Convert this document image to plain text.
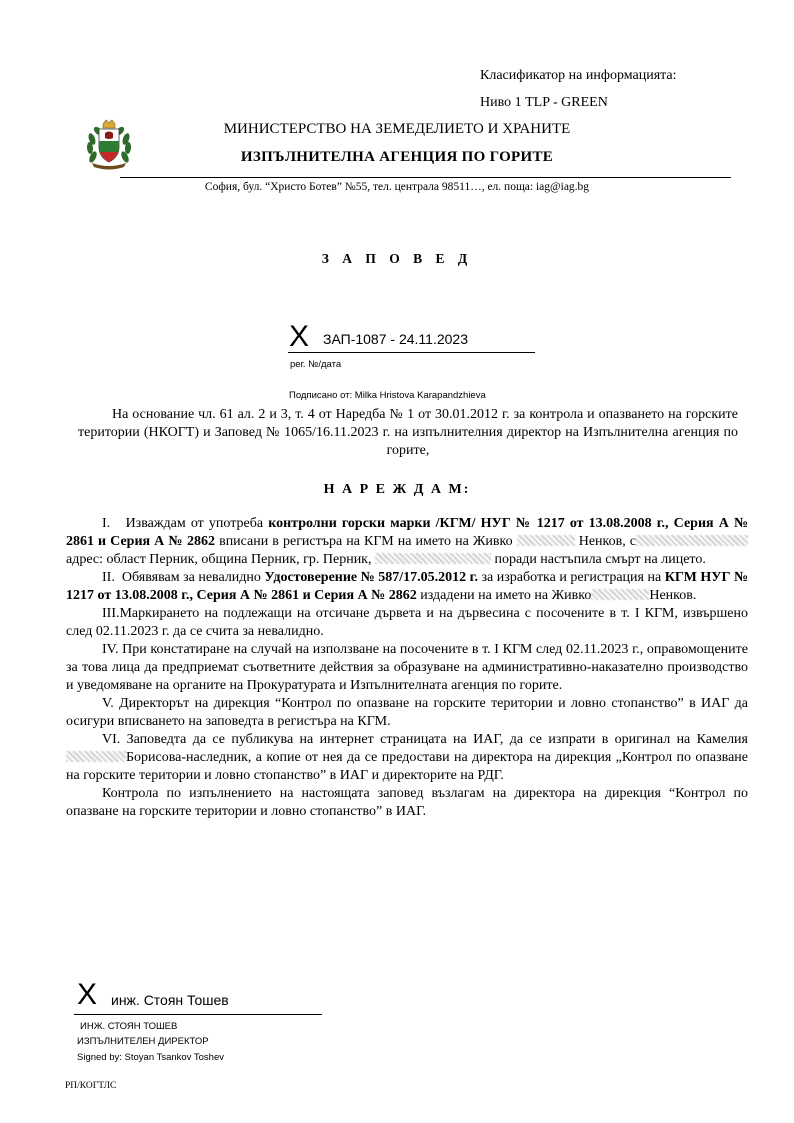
Класификатор на информацията:
Ниво 1 TLP - GREEN
МИНИСТЕРСТВО НА ЗЕМЕДЕЛИЕТО И ХРАНИТЕ
ИЗПЪЛНИТЕЛНА АГЕНЦИЯ ПО ГОРИТЕ
София, бул. “Христо Ботев” №55, тел. централа 98511…, ел. поща: iag@iag.bg
З А П О В Е Д
X ЗАП-1087 - 24.11.2023
рег. №/дата
Подписано от: Milka Hristova Karapandzhieva

На основание чл. 61 ал. 2 и 3, т. 4 от Наредба № 1 от 30.01.2012 г. за контрола и опазването на горските територии (НКОГТ) и Заповед № 1065/16.11.2023 г. на изпълнителния директор на Изпълнителна агенция по горите,

Н А Р Е Ж Д А М:

I. Изваждам от употреба контролни горски марки /КГМ/ НУГ № 1217 от 13.08.2008 г., Серия А № 2861 и Серия А № 2862 вписани в регистъра на КГМ на името на Живко	Ненков, с адрес: област Перник, община Перник, гр. Перник,	поради настъпила смърт на лицето.

II. Обявявам за невалидно Удостоверение № 587/17.05.2012 г. за изработка и регистрация на КГМ НУГ № 1217 от 13.08.2008 г., Серия А № 2861 и Серия А № 2862 издадени на името на Живко	Ненков.

III.Маркирането на подлежащи на отсичане дървета и на дървесина с посочените в т. I КГМ, извършено след 02.11.2023 г. да се счита за невалидно.

IV. При констатиране на случай на използване на посочените в т. I КГМ след 02.11.2023 г., оправомощените за това лица да предприемат съответните действия за образуване на административно-наказателно производство и уведомяване на органите на Прокуратурата и Изпълнителната агенция по горите.

V. Директорът на дирекция “Контрол по опазване на горските територии и ловно стопанство” в ИАГ да осигури вписването на заповедта в регистъра на КГМ.

VI. Заповедта да се публикува на интернет страницата на ИАГ, да се изпрати в оригинал на Камелия Борисова-наследник, а копие от нея да се предостави на директора на дирекция „Контрол по опазване на горските територии и ловно стопанство” в ИАГ и директорите на РДГ.

Контрола по изпълнението на настоящата заповед възлагам на директора на дирекция “Контрол по опазване на горските територии и ловно стопанство” в ИАГ.

X инж. Стоян Тошев
ИНЖ. СТОЯН ТОШЕВ
ИЗПЪЛНИТЕЛЕН ДИРЕКТОР
Signed by: Stoyan Tsankov Toshev
РП/КОГТЛС
